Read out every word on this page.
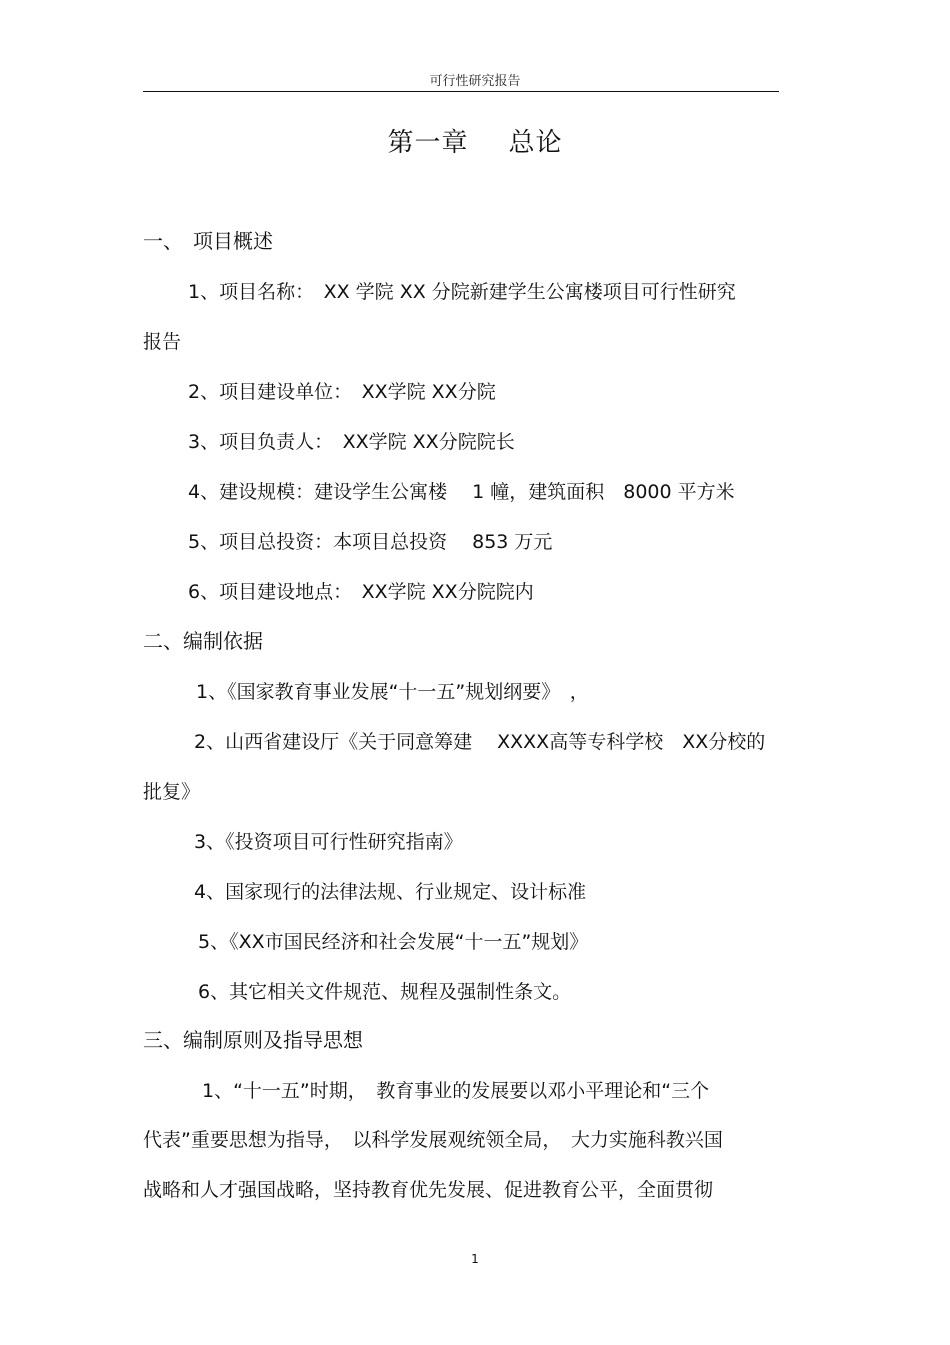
可行性研究报告
第一章 总论
一、　项目概述
1、项目名称：　XX 学院 XX 分院新建学生公寓楼项目可行性研究
报告
2、项目建设单位：　XX学院 XX分院
3、项目负责人：　XX学院 XX分院院长
4、建设规模：建设学生公寓楼　 1 幢，建筑面积　8000 平方米
5、项目总投资：本项目总投资　 853 万元
6、项目建设地点：　XX学院 XX分院院内
二、编制依据
1、《国家教育事业发展“十一五”规划纲要》　，
2、山西省建设厅《关于同意筹建　 XXXX高等专科学校　XX分校的
批复》
3、《投资项目可行性研究指南》
4、国家现行的法律法规、行业规定、设计标准
5、《XX市国民经济和社会发展“十一五”规划》
6、其它相关文件规范、规程及强制性条文。
三、编制原则及指导思想
1、“十一五”时期，　教育事业的发展要以邓小平理论和“三个
代表”重要思想为指导，　以科学发展观统领全局，　大力实施科教兴国
战略和人才强国战略，坚持教育优先发展、促进教育公平，全面贯彻
1
